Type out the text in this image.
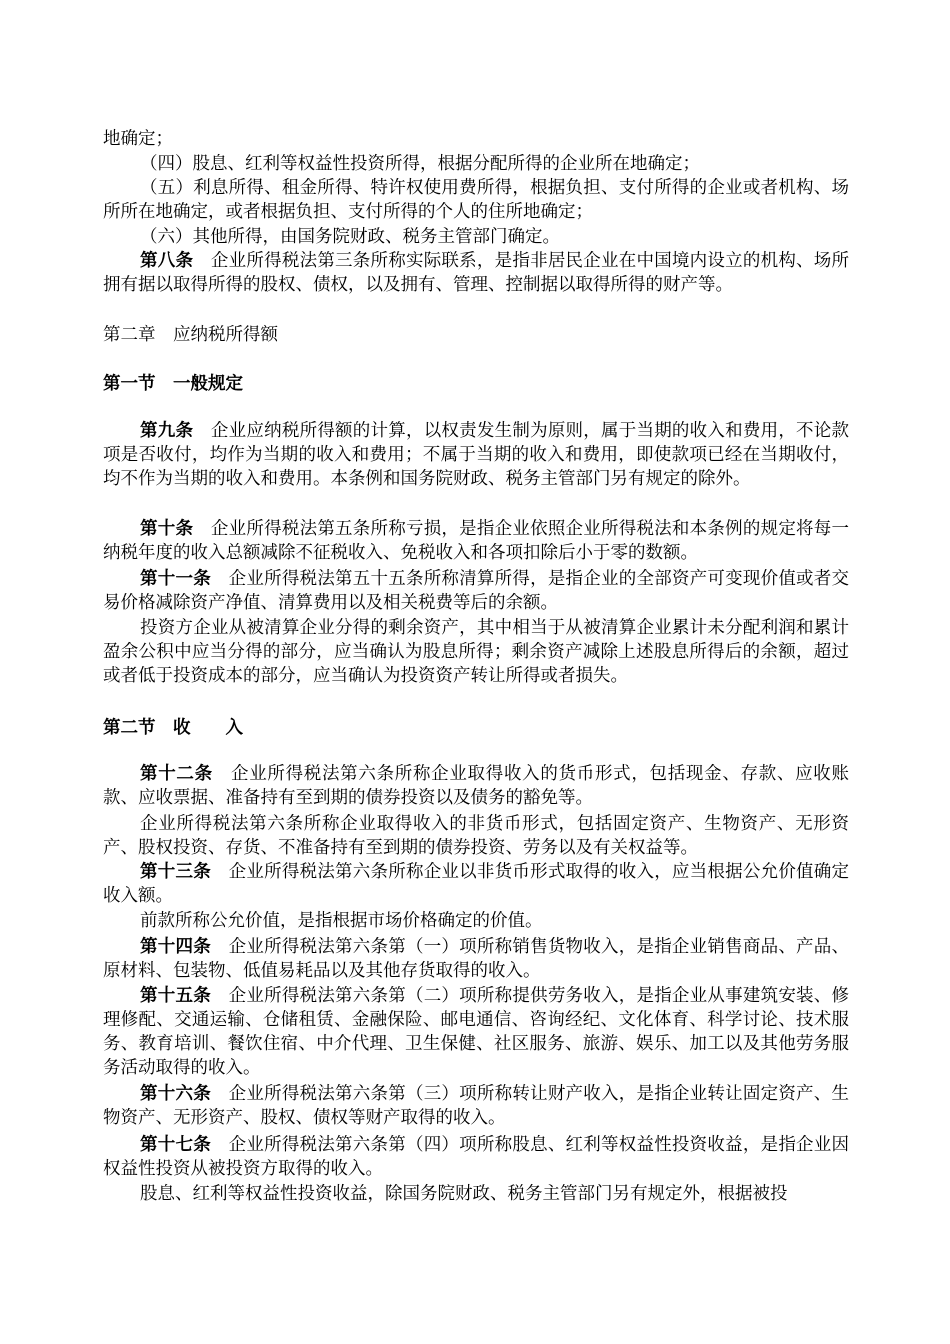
地确定；

（四）股息、红利等权益性投资所得，根据分配所得的企业所在地确定；

（五）利息所得、租金所得、特许权使用费所得，根据负担、支付所得的企业或者机构、场所所在地确定，或者根据负担、支付所得的个人的住所地确定；

（六）其他所得，由国务院财政、税务主管部门确定。

第八条　企业所得税法第三条所称实际联系，是指非居民企业在中国境内设立的机构、场所拥有据以取得所得的股权、债权，以及拥有、管理、控制据以取得所得的财产等。

第二章　应纳税所得额

第一节　一般规定

第九条　企业应纳税所得额的计算，以权责发生制为原则，属于当期的收入和费用，不论款项是否收付，均作为当期的收入和费用；不属于当期的收入和费用，即使款项已经在当期收付，均不作为当期的收入和费用。本条例和国务院财政、税务主管部门另有规定的除外。

第十条　企业所得税法第五条所称亏损，是指企业依照企业所得税法和本条例的规定将每一纳税年度的收入总额减除不征税收入、免税收入和各项扣除后小于零的数额。

第十一条　企业所得税法第五十五条所称清算所得，是指企业的全部资产可变现价值或者交易价格减除资产净值、清算费用以及相关税费等后的余额。

投资方企业从被清算企业分得的剩余资产，其中相当于从被清算企业累计未分配利润和累计盈余公积中应当分得的部分，应当确认为股息所得；剩余资产减除上述股息所得后的余额，超过或者低于投资成本的部分，应当确认为投资资产转让所得或者损失。

第二节　收　　入

第十二条　企业所得税法第六条所称企业取得收入的货币形式，包括现金、存款、应收账款、应收票据、准备持有至到期的债券投资以及债务的豁免等。

企业所得税法第六条所称企业取得收入的非货币形式，包括固定资产、生物资产、无形资产、股权投资、存货、不准备持有至到期的债券投资、劳务以及有关权益等。

第十三条　企业所得税法第六条所称企业以非货币形式取得的收入，应当根据公允价值确定收入额。

前款所称公允价值，是指根据市场价格确定的价值。

第十四条　企业所得税法第六条第（一）项所称销售货物收入，是指企业销售商品、产品、原材料、包装物、低值易耗品以及其他存货取得的收入。

第十五条　企业所得税法第六条第（二）项所称提供劳务收入，是指企业从事建筑安装、修理修配、交通运输、仓储租赁、金融保险、邮电通信、咨询经纪、文化体育、科学讨论、技术服务、教育培训、餐饮住宿、中介代理、卫生保健、社区服务、旅游、娱乐、加工以及其他劳务服务活动取得的收入。

第十六条　企业所得税法第六条第（三）项所称转让财产收入，是指企业转让固定资产、生物资产、无形资产、股权、债权等财产取得的收入。

第十七条　企业所得税法第六条第（四）项所称股息、红利等权益性投资收益，是指企业因权益性投资从被投资方取得的收入。

股息、红利等权益性投资收益，除国务院财政、税务主管部门另有规定外，根据被投
